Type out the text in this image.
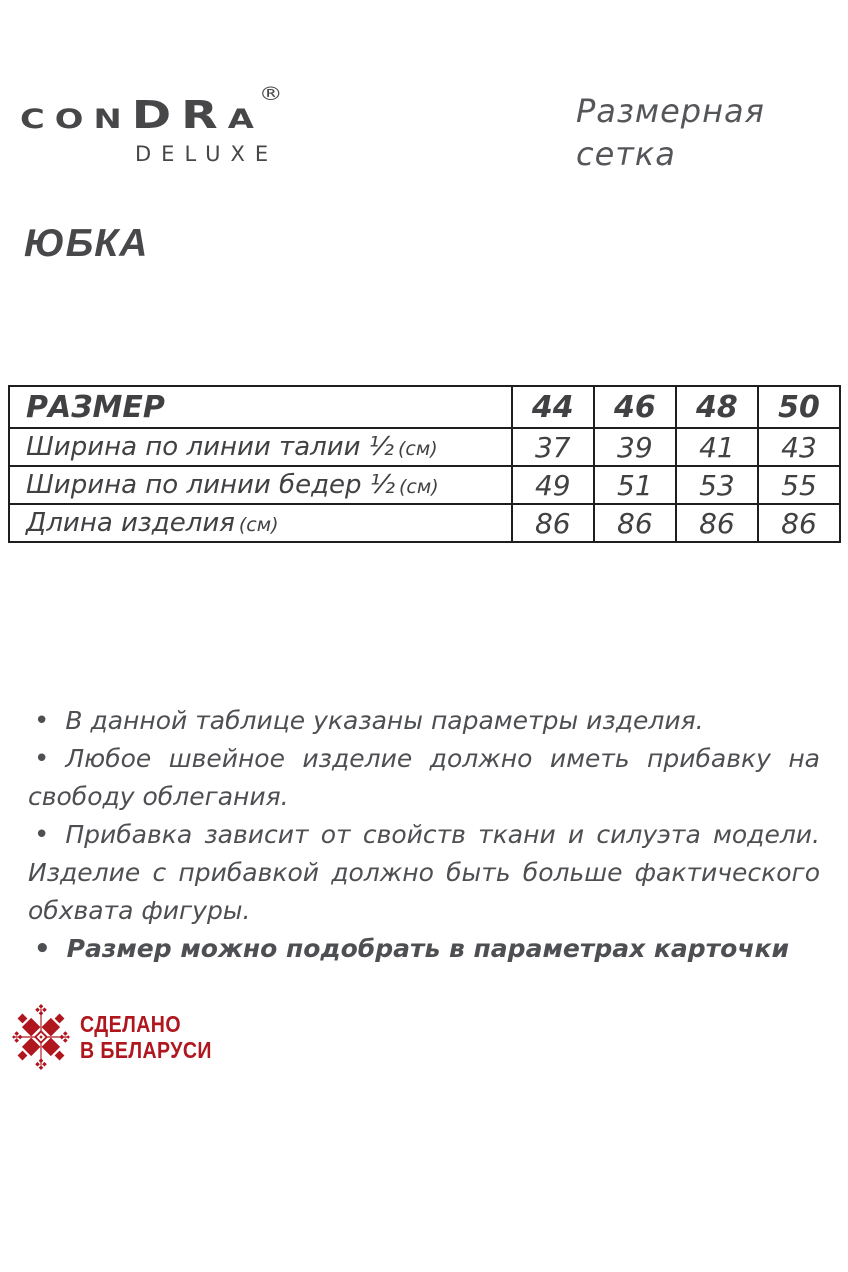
conDRa®
DELUXE
Размерная
сетка
ЮБКА
РАЗМЕР	44	46	48	50
Ширина по линии талии ½ (см)	37	39	41	43
Ширина по линии бедер ½ (см)	49	51	53	55
Длина изделия (см)	86	86	86	86

• В данной таблице указаны параметры изделия.

• Любое швейное изделие должно иметь прибавку на свободу облегания.

• Прибавка зависит от свойств ткани и силуэта модели. Изделие с прибавкой должно быть больше фактического обхвата фигуры.

• Размер можно подобрать в параметрах карточки

СДЕЛАНО
В БЕЛАРУСИ
